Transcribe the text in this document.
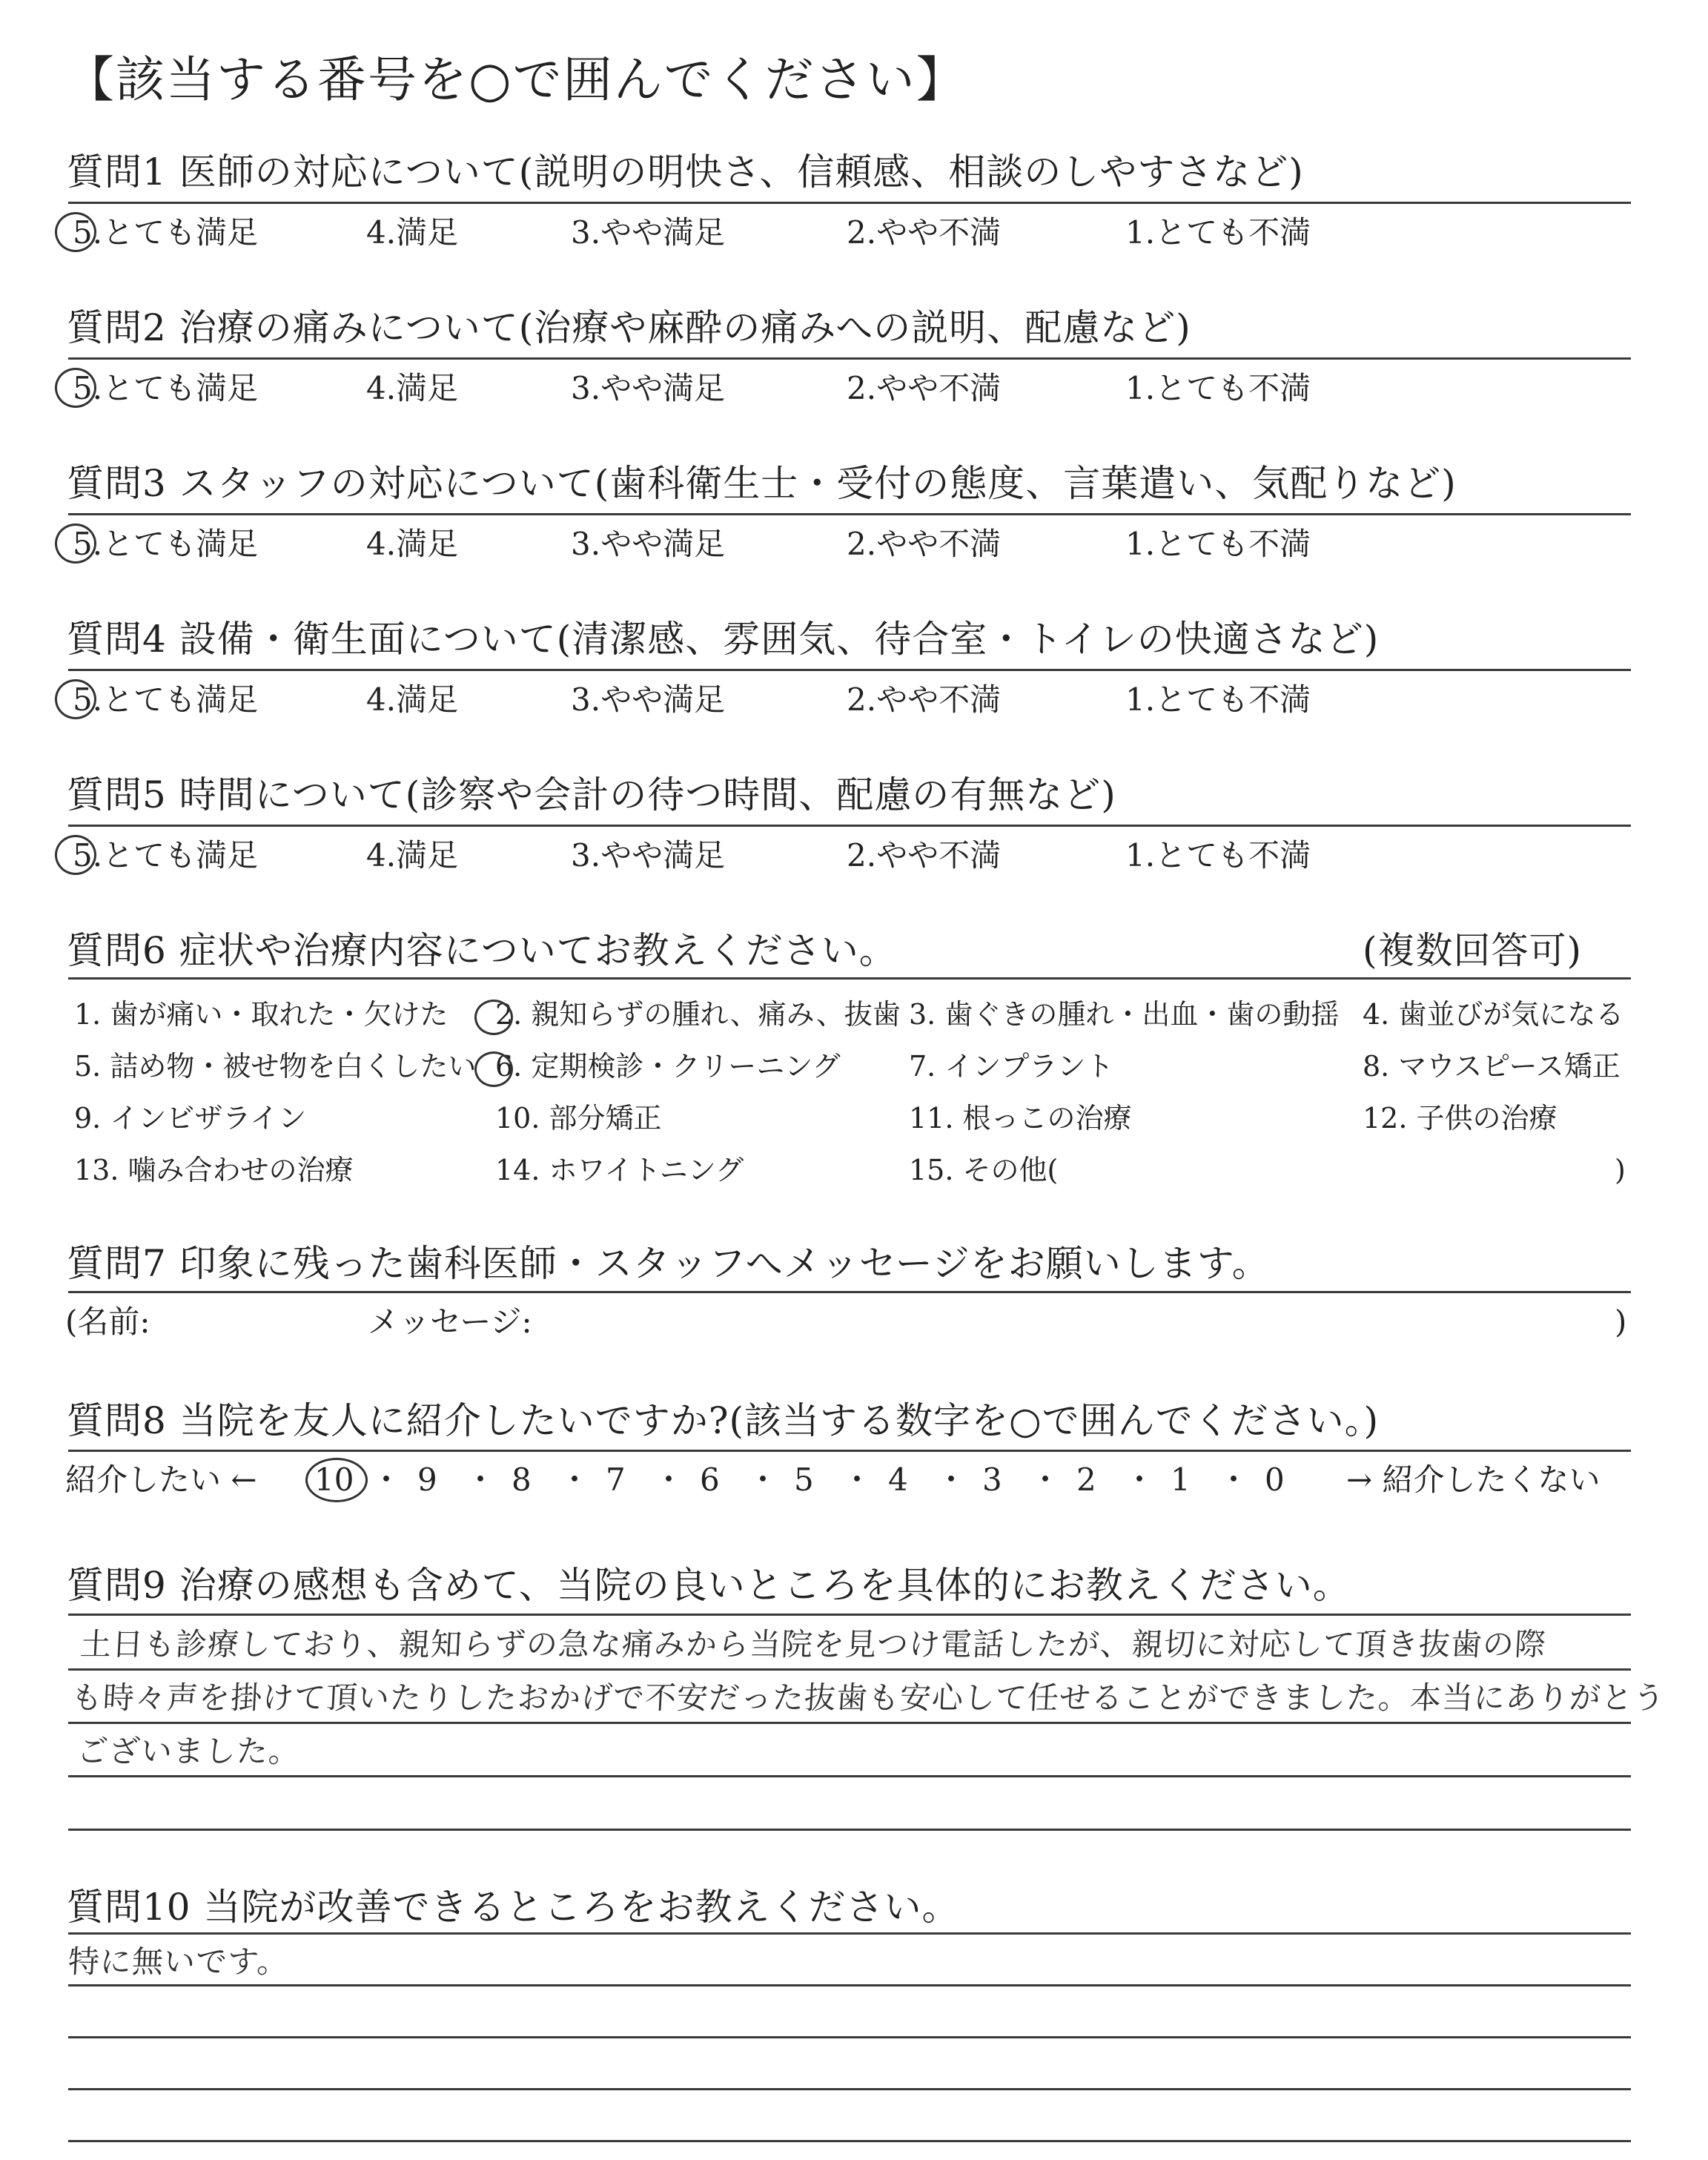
【該当する番号を○で囲んでください】
質問1 医師の対応について(説明の明快さ、信頼感、相談のしやすさなど)
5.とても満足	4.満足	3.やや満足	2.やや不満	1.とても不満
質問2 治療の痛みについて(治療や麻酔の痛みへの説明、配慮など)
5.とても満足	4.満足	3.やや満足	2.やや不満	1.とても不満
質問3 スタッフの対応について(歯科衛生士・受付の態度、言葉遣い、気配りなど)
5.とても満足	4.満足	3.やや満足	2.やや不満	1.とても不満
質問4 設備・衛生面について(清潔感、雰囲気、待合室・トイレの快適さなど)
5.とても満足	4.満足	3.やや満足	2.やや不満	1.とても不満
質問5 時間について(診察や会計の待つ時間、配慮の有無など)
5.とても満足	4.満足	3.やや満足	2.やや不満	1.とても不満
質問6 症状や治療内容についてお教えください。	(複数回答可)
1. 歯が痛い・取れた・欠けた 2. 親知らずの腫れ、痛み、抜歯 3. 歯ぐきの腫れ・出血・歯の動揺 4. 歯並びが気になる
5. 詰め物・被せ物を白くしたい 6. 定期検診・クリーニング 7. インプラント	8. マウスピース矯正
9. インビザライン	10. 部分矯正	11. 根っこの治療	12. 子供の治療
13. 噛み合わせの治療	14. ホワイトニング	15. その他(	)
質問7 印象に残った歯科医師・スタッフへメッセージをお願いします。
(名前:	メッセージ:	)
質問8 当院を友人に紹介したいですか?(該当する数字を○で囲んでください。)
紹介したい ← 10 ・ 9 ・ 8 ・ 7 ・ 6 ・ 5 ・ 4 ・ 3 ・ 2 ・ 1 ・ 0 → 紹介したくない
質問9 治療の感想も含めて、当院の良いところを具体的にお教えください。
土日も診療しており、親知らずの急な痛みから当院を見つけ電話したが、親切に対応して頂き抜歯の際
も時々声を掛けて頂いたりしたおかげで不安だった抜歯も安心して任せることができました。本当にありがとう
ございました。
質問10 当院が改善できるところをお教えください。
特に無いです。
